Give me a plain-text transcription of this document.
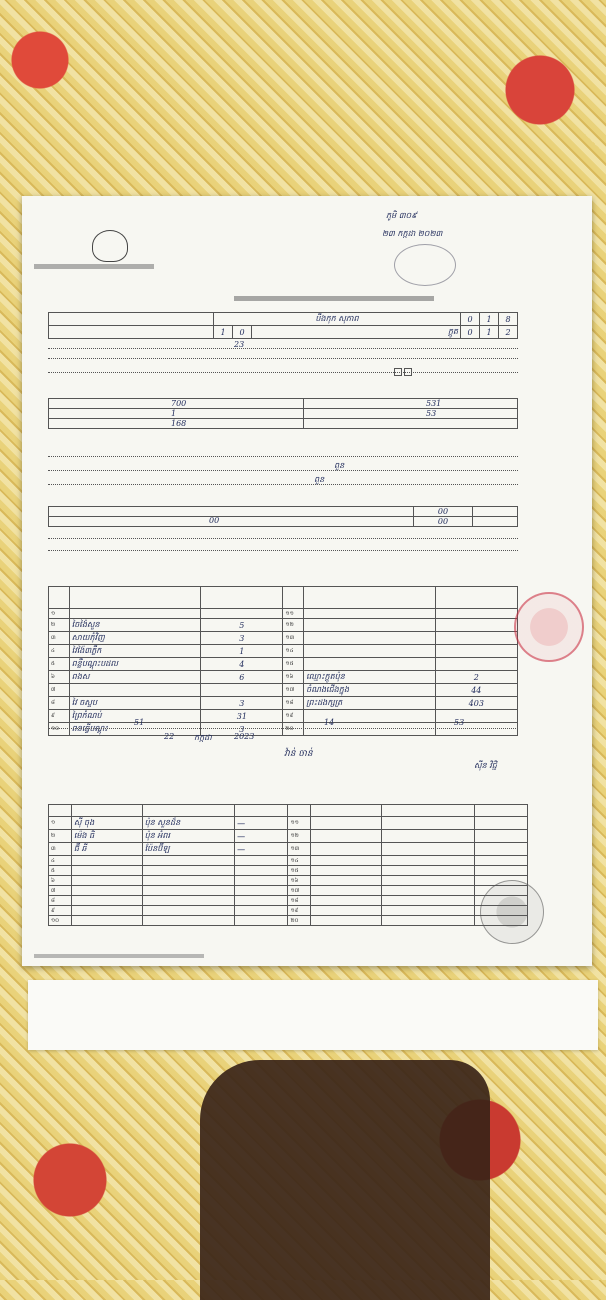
ភូមិ ៣០៩
២៣ កក្កដា ២០២៣
	បឹងកុក សុភាព			0	1	8
	1	0	ក្ដូត	0	1	2
23

700	531
1	53
168	
ពួន
ពួន
	00	

00	00	

១			១១		
២	ចៃង៉ៃសួន	5	១២		
៣	សាយភុំវិញ	3	១៣		
៤	វៃង៉ៃ៣ភ្លឹក	1	១៤		
៥	ពន្លឺបណ្ដុះបដល	4	១៥		
៦	ពងស	6	១៦	ឈ្មោះក្ដូតប៉ុន	2
៧			១៧	ចំណងជើងក្នុង	44
៨	វៃ ចស្ទប	3	១៨	ព្រះដងក្សត្រ	403
៩	ព្រៃកំណប់	31	១៩		
១០	ពនធ្វើបណ្ដុះ	3	២០		
51	14	53
22 កក្កដា	2023
វ៉ាន់ ចាន់
ស៊ីន វិជ្ជិ

១	ស៊ី ចុង	ប៉ុន សួនដ៏ន	—	១១			
២	ម៉េង ធិ	ប៉ុន អំពរ	—	១២			
៣	ធ៊ី ឆី	ប៉ែនប៊ីឡ	—	១៣			
៤				១៤			
៥				១៥			
៦				១៦			
៧				១៧			
៨				១៨			
៩				១៩			
១០				២០			
